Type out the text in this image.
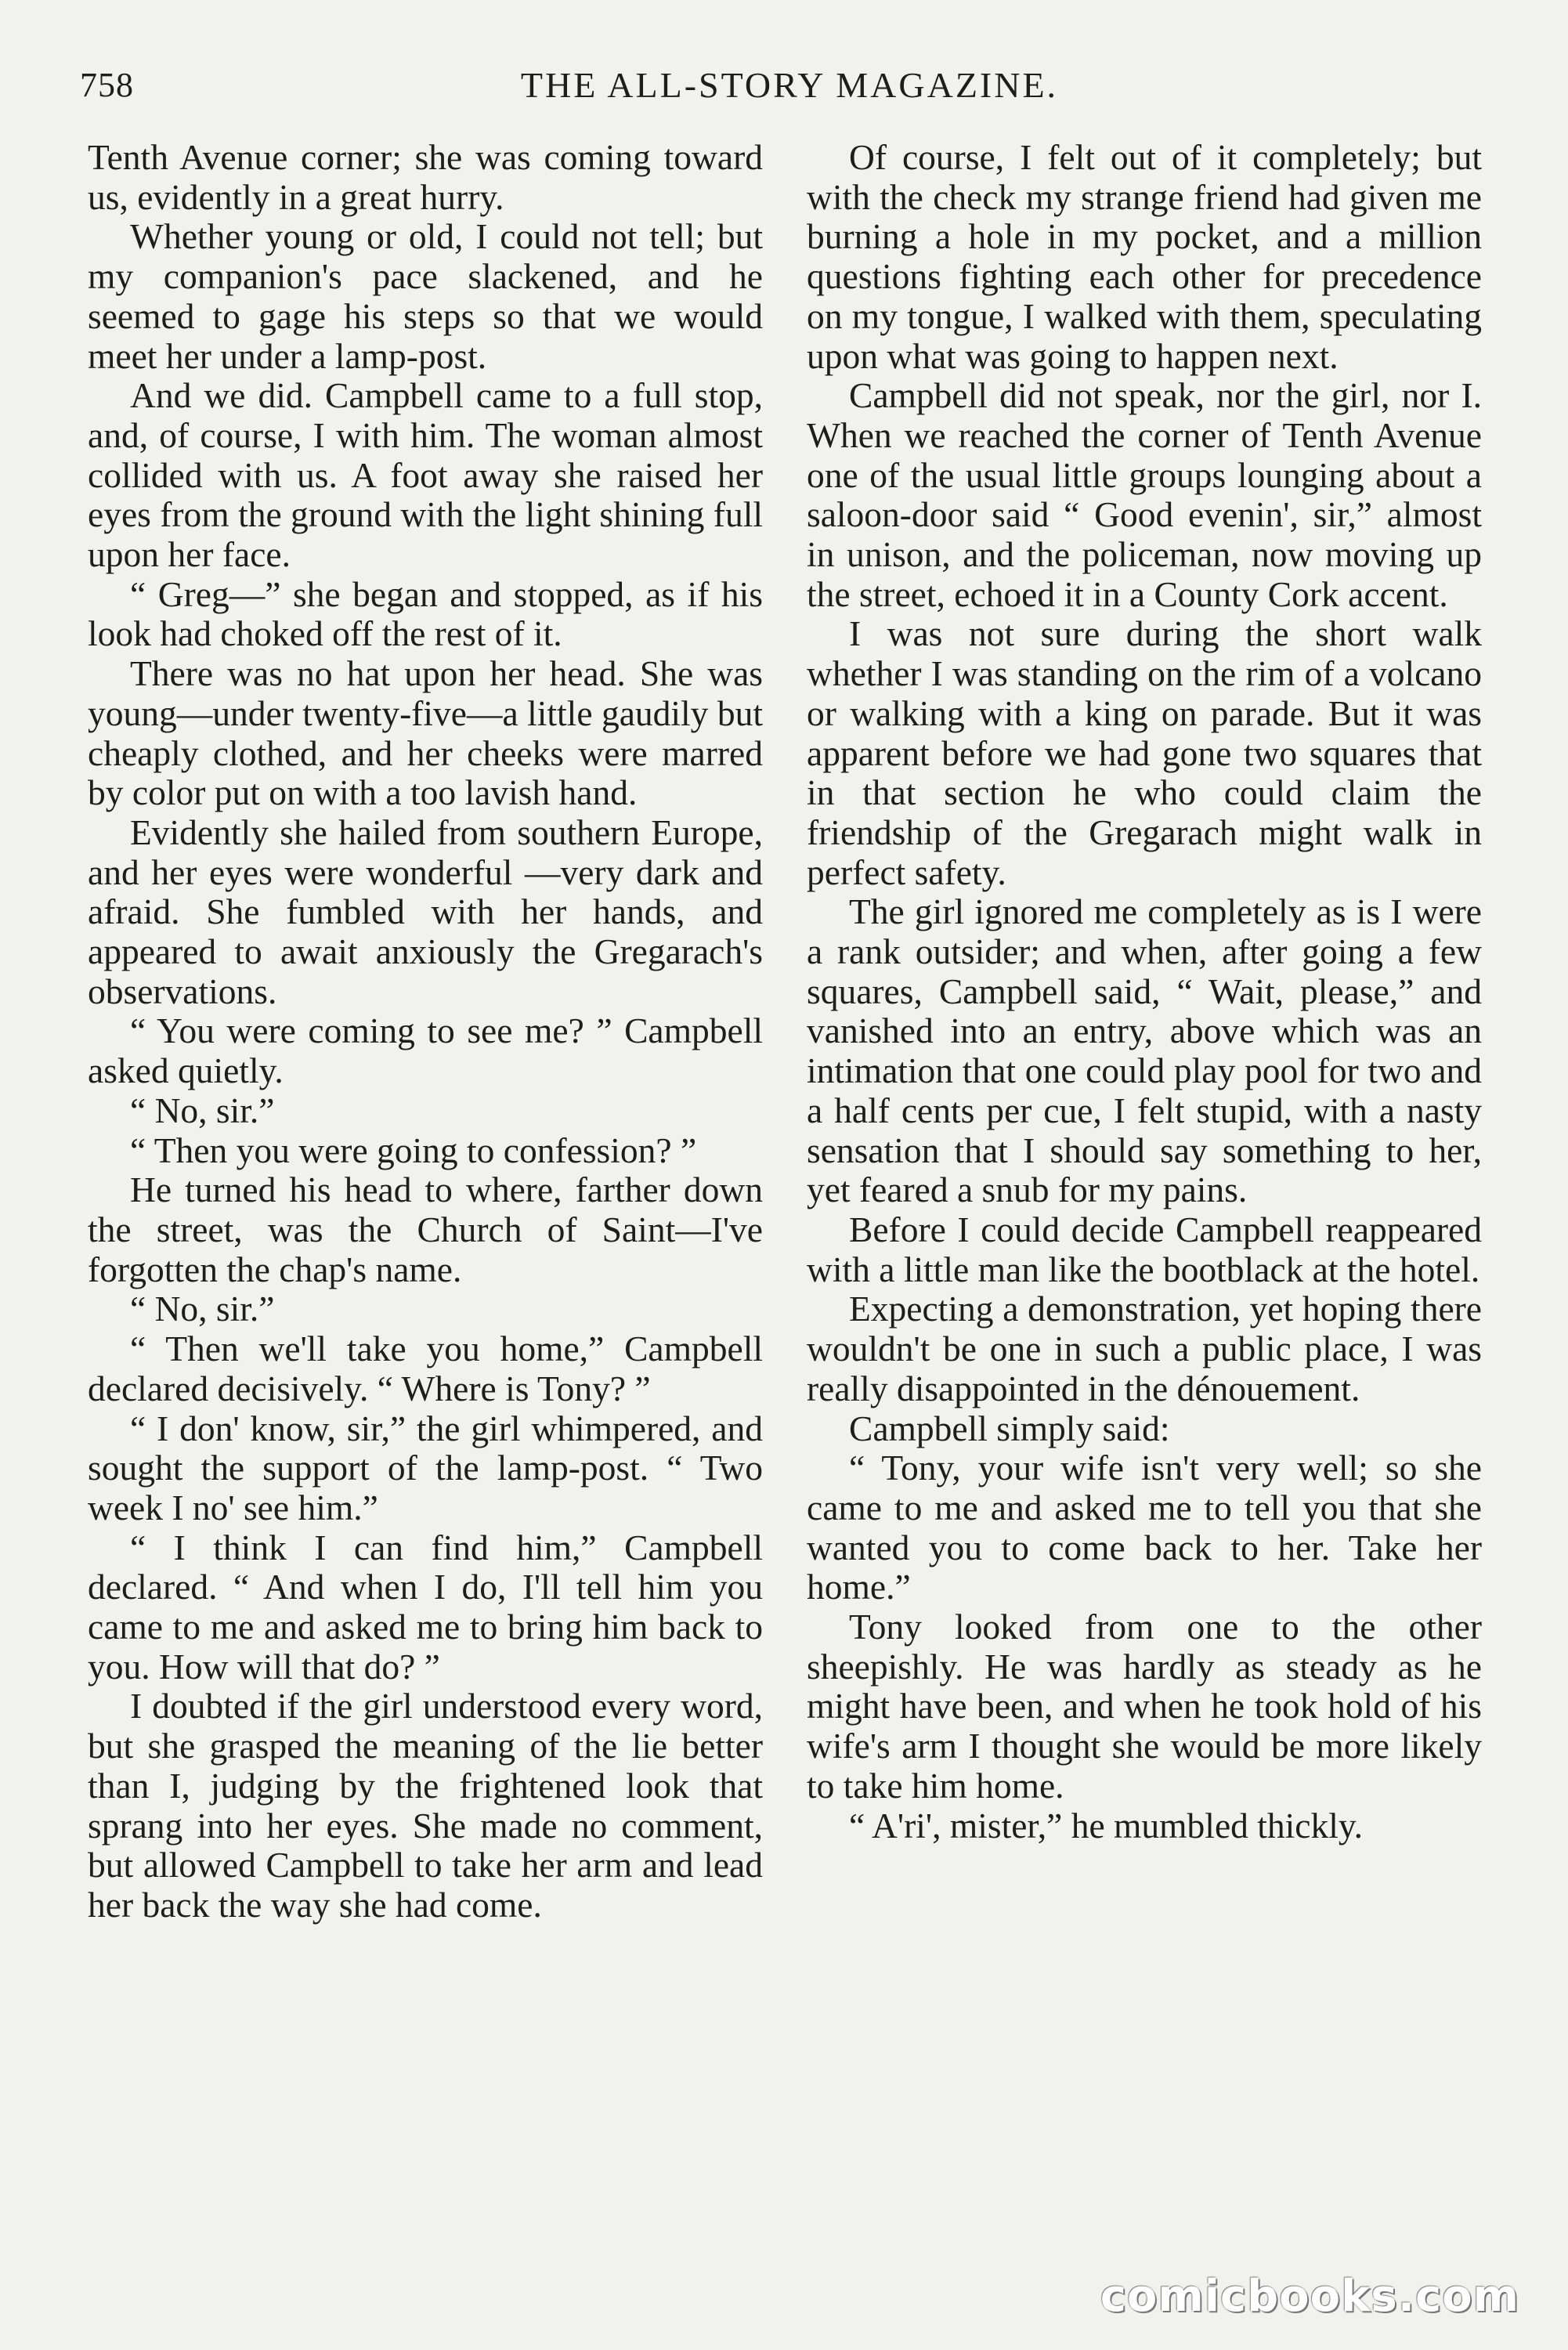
758	THE ALL-STORY MAGAZINE.

Tenth Avenue corner; she was coming toward us, evidently in a great hurry.

Whether young or old, I could not tell; but my companion's pace slackened, and he seemed to gage his steps so that we would meet her under a lamp-post.

And we did. Campbell came to a full stop, and, of course, I with him. The woman almost collided with us. A foot away she raised her eyes from the ground with the light shining full upon her face.

“ Greg—” she began and stopped, as if his look had choked off the rest of it.

There was no hat upon her head. She was young—under twenty-five—a little gaudily but cheaply clothed, and her cheeks were marred by color put on with a too lavish hand.

Evidently she hailed from southern Europe, and her eyes were wonderful —very dark and afraid. She fumbled with her hands, and appeared to await anxiously the Gregarach's observations.

“ You were coming to see me? ” Campbell asked quietly.

“ No, sir.”

“ Then you were going to confession? ”

He turned his head to where, farther down the street, was the Church of Saint—I've forgotten the chap's name.

“ No, sir.”

“ Then we'll take you home,” Campbell declared decisively. “ Where is Tony? ”

“ I don' know, sir,” the girl whimpered, and sought the support of the lamp-post. “ Two week I no' see him.”

“ I think I can find him,” Campbell declared. “ And when I do, I'll tell him you came to me and asked me to bring him back to you. How will that do? ”

I doubted if the girl understood every word, but she grasped the meaning of the lie better than I, judging by the frightened look that sprang into her eyes. She made no comment, but allowed Campbell to take her arm and lead her back the way she had come.

Of course, I felt out of it completely; but with the check my strange friend had given me burning a hole in my pocket, and a million questions fighting each other for precedence on my tongue, I walked with them, speculating upon what was going to happen next.

Campbell did not speak, nor the girl, nor I. When we reached the corner of Tenth Avenue one of the usual little groups lounging about a saloon-door said “ Good evenin', sir,” almost in unison, and the policeman, now moving up the street, echoed it in a County Cork accent.

I was not sure during the short walk whether I was standing on the rim of a volcano or walking with a king on parade. But it was apparent before we had gone two squares that in that section he who could claim the friendship of the Gregarach might walk in perfect safety.

The girl ignored me completely as is I were a rank outsider; and when, after going a few squares, Campbell said, “ Wait, please,” and vanished into an entry, above which was an intimation that one could play pool for two and a half cents per cue, I felt stupid, with a nasty sensation that I should say something to her, yet feared a snub for my pains.

Before I could decide Campbell reappeared with a little man like the bootblack at the hotel.

Expecting a demonstration, yet hoping there wouldn't be one in such a public place, I was really disappointed in the dénouement.

Campbell simply said:

“ Tony, your wife isn't very well; so she came to me and asked me to tell you that she wanted you to come back to her. Take her home.”

Tony looked from one to the other sheepishly. He was hardly as steady as he might have been, and when he took hold of his wife's arm I thought she would be more likely to take him home.

“ A'ri', mister,” he mumbled thickly.

comicbooks.com
